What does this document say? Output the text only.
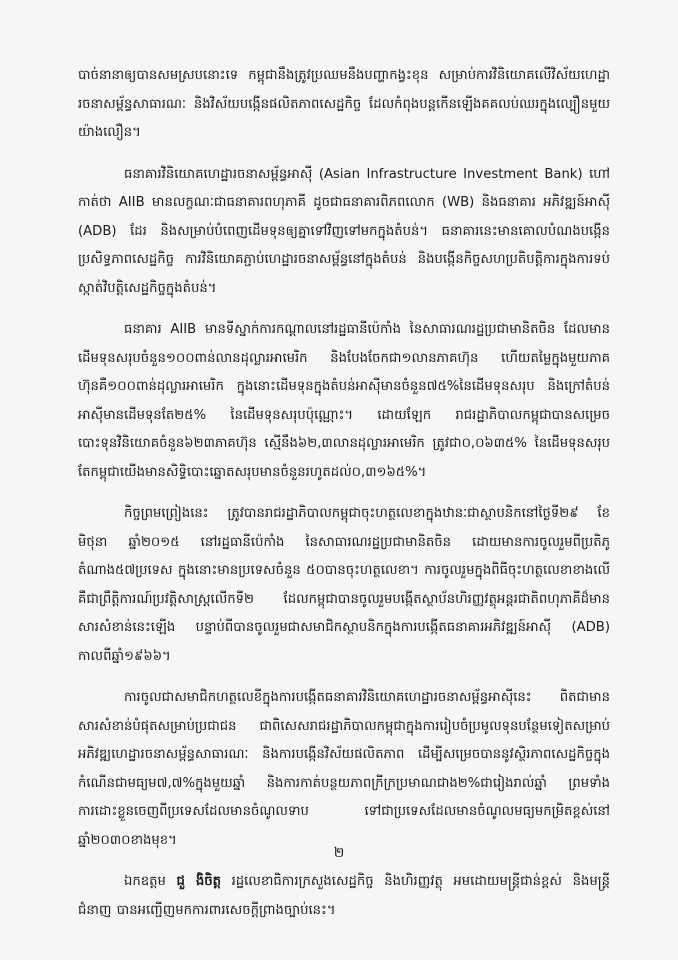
បាច់នានាឲ្យបានសមស្របនោះទេ កម្ពុជានឹងត្រូវប្រឈមនឹងបញ្ហាកង្វះខុន សម្រាប់ការវិនិយោគលើវិស័យហេដ្ឋារចនាសម្ព័ន្ធសាធារណៈ និងវិស័យបង្កើនផលិតភាពសេដ្ឋកិច្ច ដែលកំពុងបន្តកើនឡើងគគលប់ឈរក្នុងល្បឿនមួយយ៉ាងលឿន។

ធនាគារវិនិយោគហេដ្ឋារចនាសម្ព័ន្ធអាស៊ី (Asian Infrastructure Investment Bank) ហៅកាត់ថា AIIB មានលក្ខណៈជាធនាគារពហុភាគី ដូចជាធនាគារពិភពលោក (WB) និងធនាគារ អភិវឌ្ឍន៍អាស៊ី (ADB) ដែរ និងសម្រាប់បំពេញដើមទុនឲ្យគ្នាទៅវិញទៅមកក្នុងតំបន់។ ធនាគារនេះមានគោលបំណងបង្កើនប្រសិទ្ធភាពសេដ្ឋកិច្ច ការវិនិយោគភ្ជាប់ហេដ្ឋារចនាសម្ព័ន្ធនៅក្នុងតំបន់ និងបង្កើនកិច្ចសហប្រតិបត្តិការក្នុងការទប់ស្កាត់វិបត្តិសេដ្ឋកិច្ចក្នុងតំបន់។

ធនាគារ AIIB មានទីស្នាក់ការកណ្ដាលនៅរដ្ឋធានីប៉េកាំង នៃសាធារណរដ្ឋប្រជាមានិតចិន ដែលមានដើមទុនសរុបចំនួន១០០ពាន់លានដុល្លារអាមេរិក និងបែងចែកជា១លានភាគហ៊ុន ហើយតម្លៃក្នុងមួយភាគហ៊ុនគឺ១០០ពាន់ដុល្លារអាមេរិក ក្នុងនោះដើមទុនក្នុងតំបន់អាស៊ីមានចំនួន៧៥%នៃដើមទុនសរុប និងក្រៅតំបន់អាស៊ីមានដើមទុនតែ២៥% នៃដើមទុនសរុបប៉ុណ្ណោះ។ ដោយឡែក រាជរដ្ឋាភិបាលកម្ពុជាបានសម្រេចបោះទុនវិនិយោគចំនួន៦២៣ភាគហ៊ុន ស្មើនឹង៦២,៣លានដុល្លារអាមេរិក ត្រូវជា០,០៦៣៥% នៃដើមទុនសរុប តែកម្ពុជាយើងមានសិទ្ធិបោះឆ្នោតសរុបមានចំនួនរហូតដល់០,៣១៦៥%។

កិច្ចព្រមព្រៀងនេះ ត្រូវបានរាជរដ្ឋាភិបាលកម្ពុជាចុះហត្ថលេខាក្នុងឋានៈជាស្ថាបនិកនៅថ្ងៃទី២៩ ខែមិថុនា ឆ្នាំ២០១៥ នៅរដ្ឋធានីប៉េកាំង នៃសាធារណរដ្ឋប្រជាមានិតចិន ដោយមានការចូលរួមពីប្រតិភូតំណាង៥៧ប្រទេស ក្នុងនោះមានប្រទេសចំនួន ៥០បានចុះហត្ថលេខា។ ការចូលរួមក្នុងពិធីចុះហត្ថលេខាខាងលើគឺជាព្រឹត្តិការណ៍ប្រវត្តិសាស្ត្រលើកទី២ ដែលកម្ពុជាបានចូលរួមបង្កើតស្ថាប័នហិរញ្ញវត្ថុអន្តរជាតិពហុភាគីដ៏មានសារសំខាន់នេះឡើង បន្ទាប់ពីបានចូលរួមជាសមាជិកស្ថាបនិកក្នុងការបង្កើតធនាគារអភិវឌ្ឍន៍អាស៊ី (ADB) កាលពីឆ្នាំ១៩៦៦។

ការចូលជាសមាជិកហត្ថលេខីក្នុងការបង្កើតធនាគារវិនិយោគហេដ្ឋារចនាសម្ព័ន្ធអាស៊ីនេះ ពិតជាមានសារសំខាន់បំផុតសម្រាប់ប្រជាជន ជាពិសេសរាជរដ្ឋាភិបាលកម្ពុជាក្នុងការរៀបចំប្រមូលទុនបន្ថែមទៀតសម្រាប់អភិវឌ្ឍហេដ្ឋារចនាសម្ព័ន្ធសាធារណៈ និងការបង្កើនវិស័យផលិតភាព ដើម្បីសម្រេចបាននូវស្ថិរភាពសេដ្ឋកិច្ចក្នុងកំណើនជាមធ្យម៧,៧%ក្នុងមួយឆ្នាំ និងការកាត់បន្ថយភាពក្រីក្រប្រមាណជាង២%ជារៀងរាល់ឆ្នាំ ព្រមទាំងការដោះខ្លួនចេញពីប្រទេសដែលមានចំណូលទាប ទៅជាប្រទេសដែលមានចំណូលមធ្យមកម្រិតខ្ពស់នៅឆ្នាំ២០៣០ខាងមុខ។

ឯកឧត្តម ជួ ងិចិត្ត រដ្ឋលេខាធិការក្រសួងសេដ្ឋកិច្ច និងហិរញ្ញវត្ថុ អមដោយមន្ត្រីជាន់ខ្ពស់ និងមន្ត្រីជំនាញ បានអញ្ជើញមកការពារសេចក្តីព្រាងច្បាប់នេះ។

២
